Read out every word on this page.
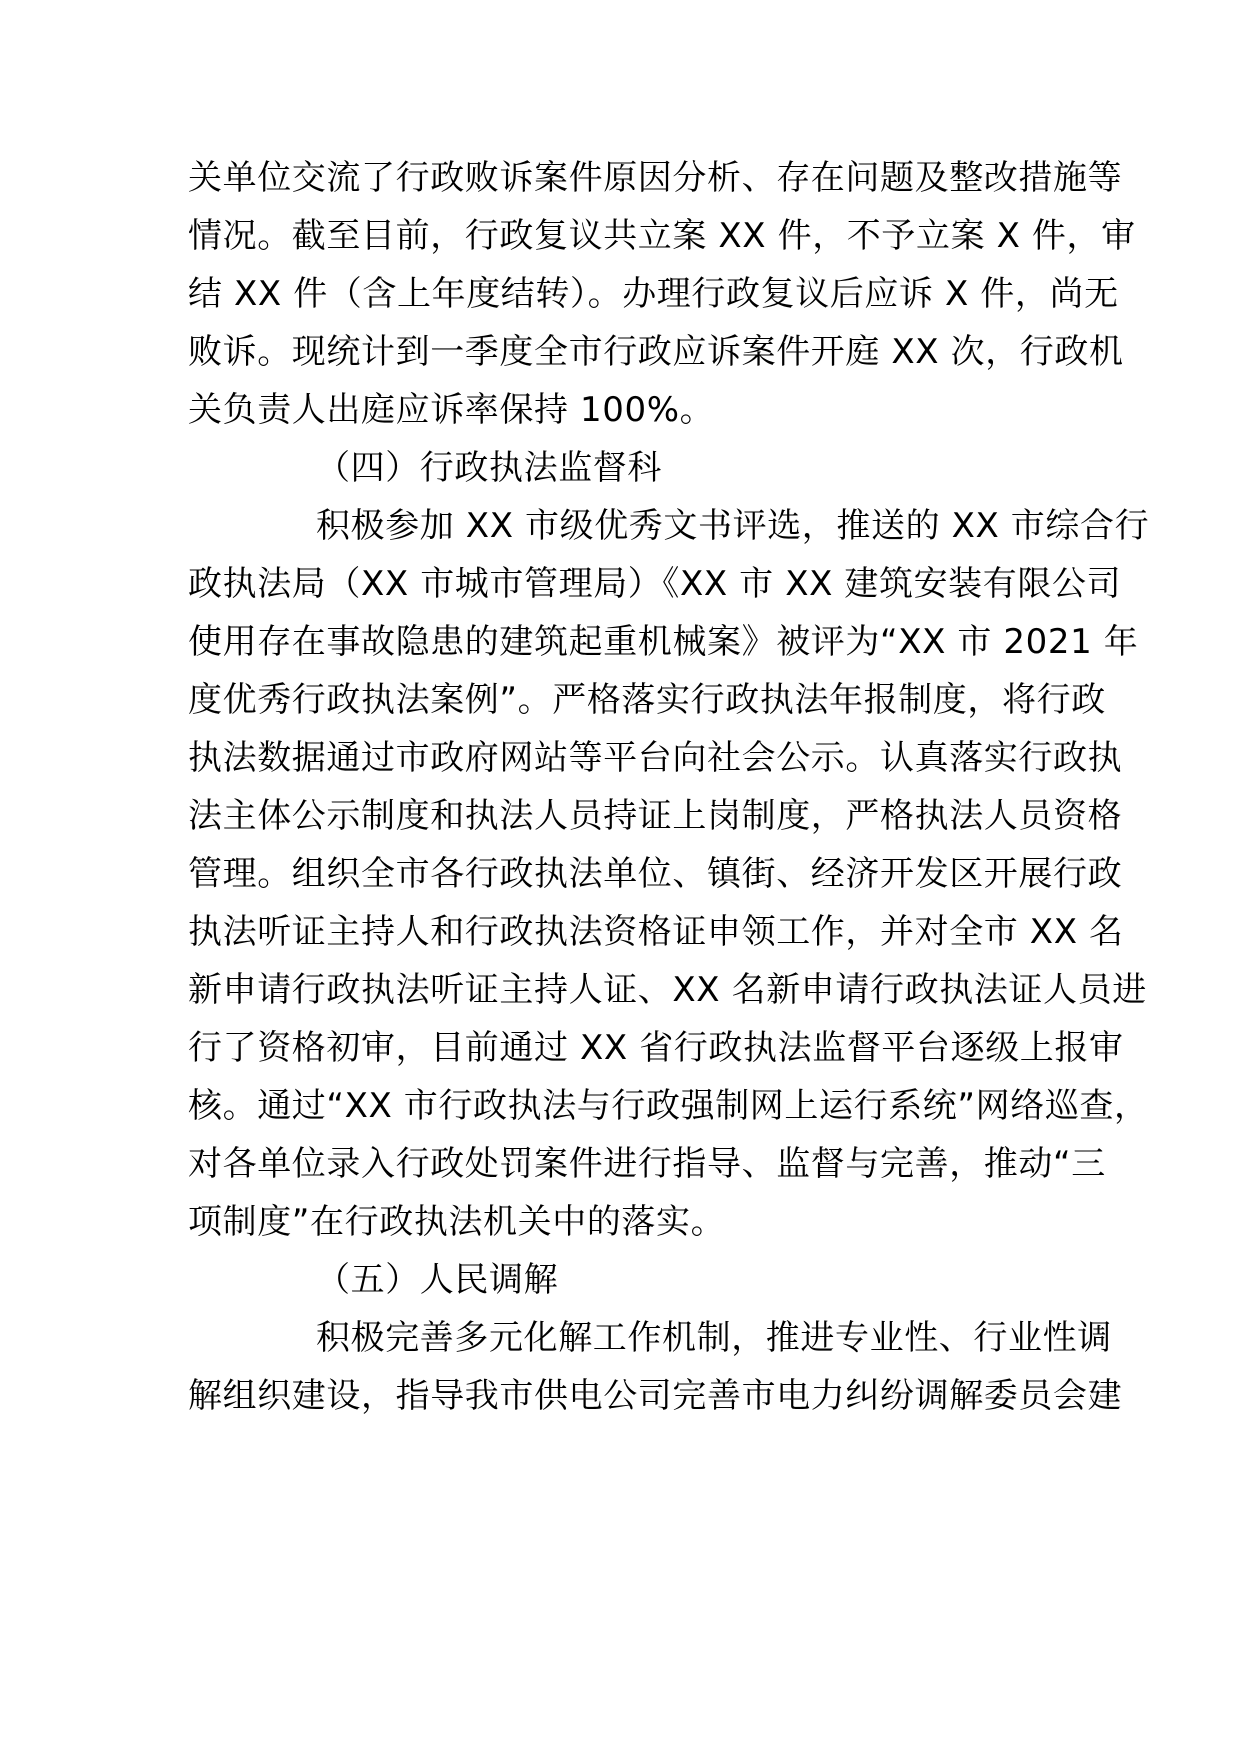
关单位交流了行政败诉案件原因分析、存在问题及整改措施等
情况。截至目前，行政复议共立案 XX 件，不予立案 X 件，审
结 XX 件（含上年度结转）。办理行政复议后应诉 X 件，尚无
败诉。现统计到一季度全市行政应诉案件开庭 XX 次，行政机
关负责人出庭应诉率保持 100%。
（四）行政执法监督科
积极参加 XX 市级优秀文书评选，推送的 XX 市综合行
政执法局（XX 市城市管理局）《XX 市 XX 建筑安装有限公司
使用存在事故隐患的建筑起重机械案》被评为“XX 市 2021 年
度优秀行政执法案例”。严格落实行政执法年报制度，将行政
执法数据通过市政府网站等平台向社会公示。认真落实行政执
法主体公示制度和执法人员持证上岗制度，严格执法人员资格
管理。组织全市各行政执法单位、镇街、经济开发区开展行政
执法听证主持人和行政执法资格证申领工作，并对全市 XX 名
新申请行政执法听证主持人证、XX 名新申请行政执法证人员进
行了资格初审，目前通过 XX 省行政执法监督平台逐级上报审
核。通过“XX 市行政执法与行政强制网上运行系统”网络巡查，
对各单位录入行政处罚案件进行指导、监督与完善，推动“三
项制度”在行政执法机关中的落实。
（五）人民调解
积极完善多元化解工作机制，推进专业性、行业性调
解组织建设，指导我市供电公司完善市电力纠纷调解委员会建
